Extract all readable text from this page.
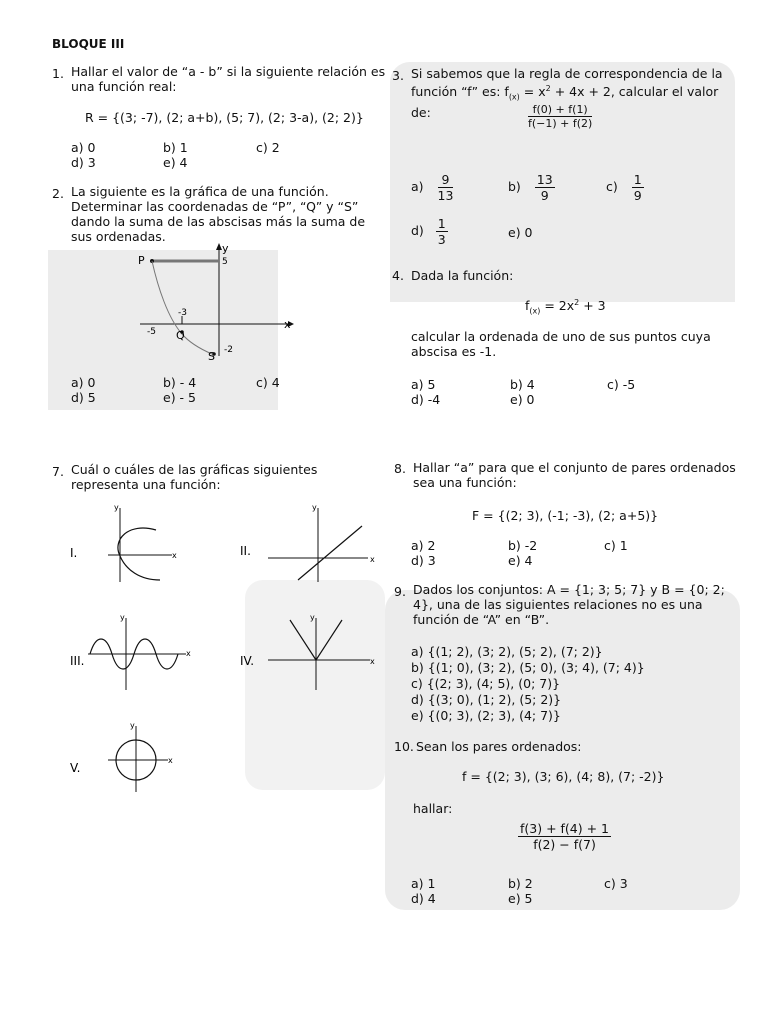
BLOQUE III
1. Hallar el valor de “a - b” si la siguiente relación es una función real:
R = {(3; -7), (2; a+b), (5; 7), (2; 3-a), (2; 2)}
a) 0	b) 1	c) 2
d) 3	e) 4
2. La siguiente es la gráfica de una función. Determinar las coordenadas de “P”, “Q” y “S” dando la suma de las abscisas más la suma de sus ordenadas.
y
x
P
Q
S
5
-3
-5
-2
a) 0	b) - 4	c) 4
d) 5	e) - 5
3. Si sabemos que la regla de correspondencia de la función “f” es: $f_{(x)} = x^2 + 4x + 2$, calcular el valor de:	$\frac{f(0) + f(1)}{f(-1) + f(2)}$
$a) \frac{9}{13}$	$b) \frac{13}{9}$	$c) \frac{1}{9}$
$d) \frac{1}{3}$	e) 0
4. Dada la función:
$f_{(x)} = 2x^2 + 3$
calcular la ordenada de uno de sus puntos cuya abscisa es -1.
a) 5	b) 4	c) -5
d) -4	e) 0
7. Cuál o cuáles de las gráficas siguientes representa una función:
I.
y
x	II.
y
x
III.
y
x
IV.
y
x
V.
y
x
8. Hallar “a” para que el conjunto de pares ordenados sea una función:
F = {(2; 3), (-1; -3), (2; a+5)}
a) 2	b) -2	c) 1
d) 3	e) 4
9. Dados los conjuntos: A = {1; 3; 5; 7} y B = {0; 2; 4}, una de las siguientes relaciones no es una función de “A” en “B”.
a) {(1; 2), (3; 2), (5; 2), (7; 2)}
b) {(1; 0), (3; 2), (5; 0), (3; 4), (7; 4)}
c) {(2; 3), (4; 5), (0; 7)}
d) {(3; 0), (1; 2), (5; 2)}
e) {(0; 3), (2; 3), (4; 7)}
10. Sean los pares ordenados:
f = {(2; 3), (3; 6), (4; 8), (7; -2)}
hallar:
$\frac{f(3) + f(4) + 1}{f(2) - f(7)}$
a) 1	b) 2	c) 3
d) 4	e) 5
